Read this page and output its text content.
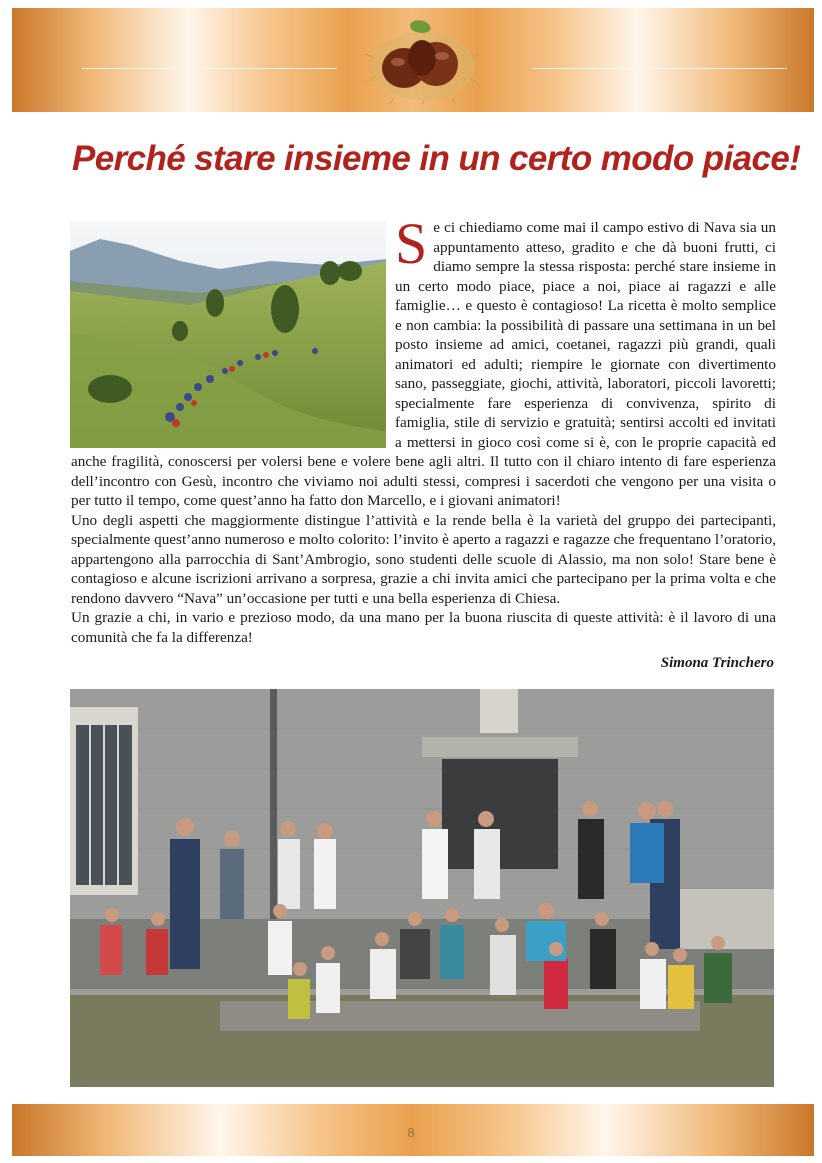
Perché stare insieme in un certo modo piace!
S e ci chiediamo come mai il campo estivo di Nava sia un appuntamento atteso, gradito e che dà buoni frutti, ci diamo sempre la stessa risposta: perché stare insieme in un certo modo piace, piace a noi, piace ai ragazzi e alle famiglie… e questo è contagioso! La ricetta è molto semplice e non cambia: la possibilità di passare una settimana in un bel posto insieme ad amici, coetanei, ragazzi più grandi, quali animatori ed adulti; riempire le giornate con divertimento sano, passeggiate, giochi, attività, laboratori, piccoli lavoretti; specialmente fare esperienza di convivenza, spirito di famiglia, stile di servizio e gratuità; sentirsi accolti ed invitati a mettersi in gioco così come si è, con le proprie capacità ed anche fragilità, conoscersi per volersi bene e volere bene agli altri. Il tutto con il chiaro intento di fare esperienza dell’incontro con Gesù, incontro che viviamo noi adulti stessi, compresi i sacerdoti che vengono per una visita o per tutto il tempo, come quest’anno ha fatto don Marcello, e i giovani animatori!

Uno degli aspetti che maggiormente distingue l’attività e la rende bella è la varietà del gruppo dei partecipanti, specialmente quest’anno numeroso e molto colorito: l’invito è aperto a ragazzi e ragazze che frequentano l’oratorio, appartengono alla parrocchia di Sant’Ambrogio, sono studenti delle scuole di Alassio, ma non solo! Stare bene è contagioso e alcune iscrizioni arrivano a sorpresa, grazie a chi invita amici che partecipano per la prima volta e che rendono davvero “Nava” un’occasione per tutti e una bella esperienza di Chiesa.

Un grazie a chi, in vario e prezioso modo, da una mano per la buona riuscita di queste attività: è il lavoro di una comunità che fa la differenza!

Simona Trinchero
8
